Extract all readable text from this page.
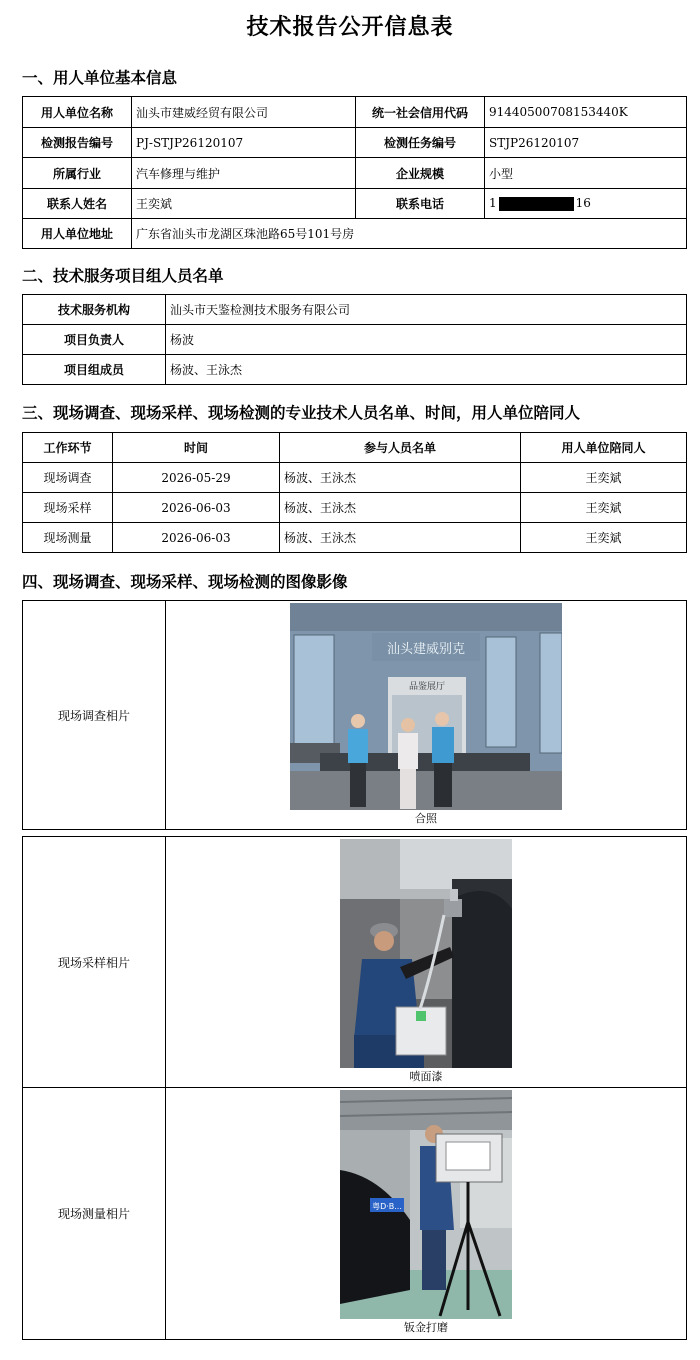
技术报告公开信息表
一、用人单位基本信息
用人单位名称	汕头市建威经贸有限公司	统一社会信用代码	91440500708153440K
检测报告编号	PJ-STJP26120107	检测任务编号	STJP26120107
所属行业	汽车修理与维护	企业规模	小型
联系人姓名	王奕斌	联系电话	1 16
用人单位地址	广东省汕头市龙湖区珠池路65号101号房		
二、技术服务项目组人员名单
技术服务机构	汕头市天鉴检测技术服务有限公司
项目负责人	杨波
项目组成员	杨波、王泳杰
三、现场调查、现场采样、现场检测的专业技术人员名单、时间，用人单位陪同人
工作环节	时间	参与人员名单	用人单位陪同人
现场调查	2026-05-29	杨波、王泳杰	王奕斌
现场采样	2026-06-03	杨波、王泳杰	王奕斌
现场测量	2026-06-03	杨波、王泳杰	王奕斌
四、现场调查、现场采样、现场检测的图像影像
现场调查相片	
汕头建威别克
品鉴展厅
合照
现场采样相片	喷面漆

现场测量相片	粤D·B...
钣金打磨
